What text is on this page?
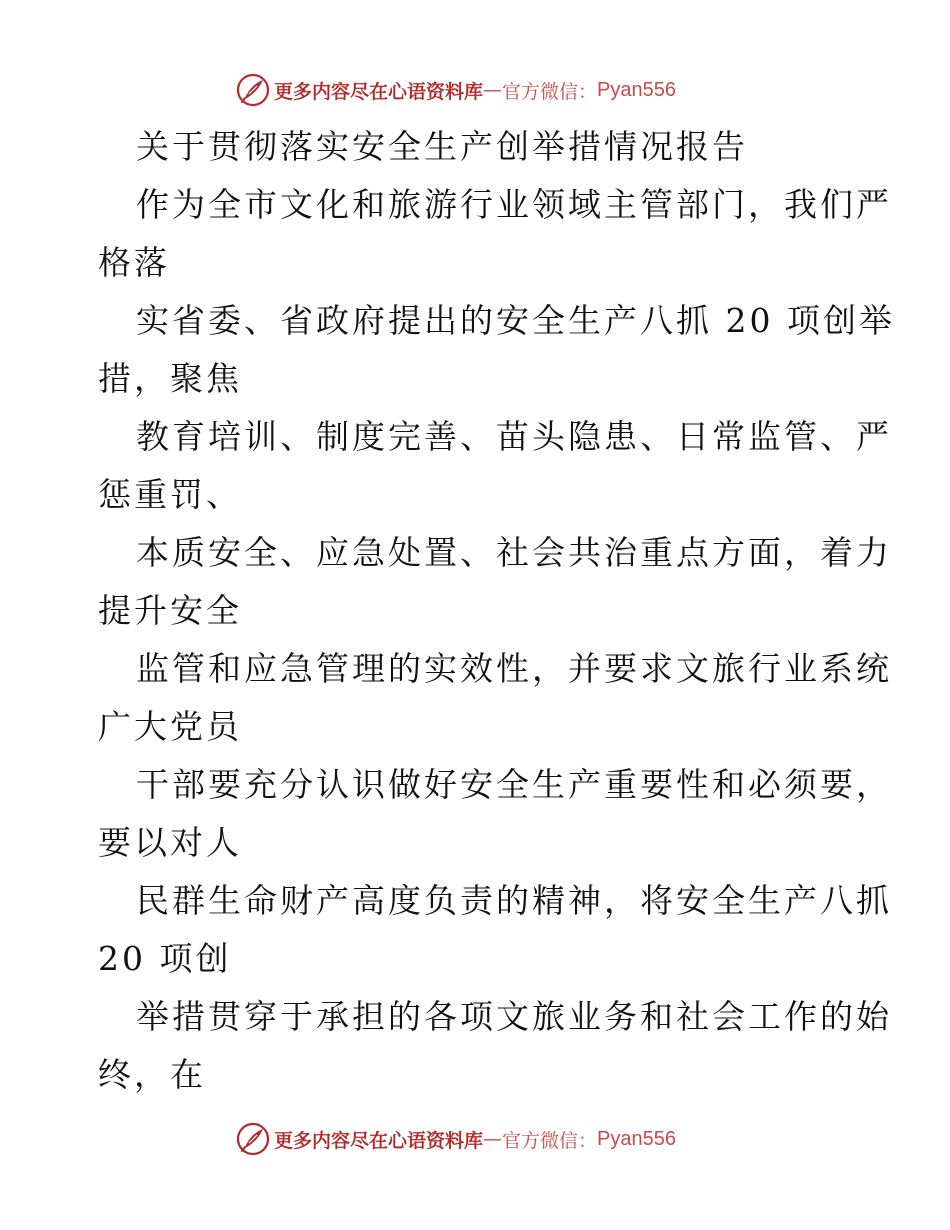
更多内容尽在心语资料库 — 官方微信： Pyan556
关于贯彻落实安全生产创举措情况报告
作为全市文化和旅游行业领域主管部门，我们严
格落
实省委、省政府提出的安全生产八抓 20 项创举
措，聚焦
教育培训、制度完善、苗头隐患、日常监管、严
惩重罚、
本质安全、应急处置、社会共治重点方面，着力
提升安全
监管和应急管理的实效性，并要求文旅行业系统
广大党员
干部要充分认识做好安全生产重要性和必须要，
要以对人
民群生命财产高度负责的精神，将安全生产八抓
20 项创
举措贯穿于承担的各项文旅业务和社会工作的始
终，在
更多内容尽在心语资料库 — 官方微信： Pyan556
